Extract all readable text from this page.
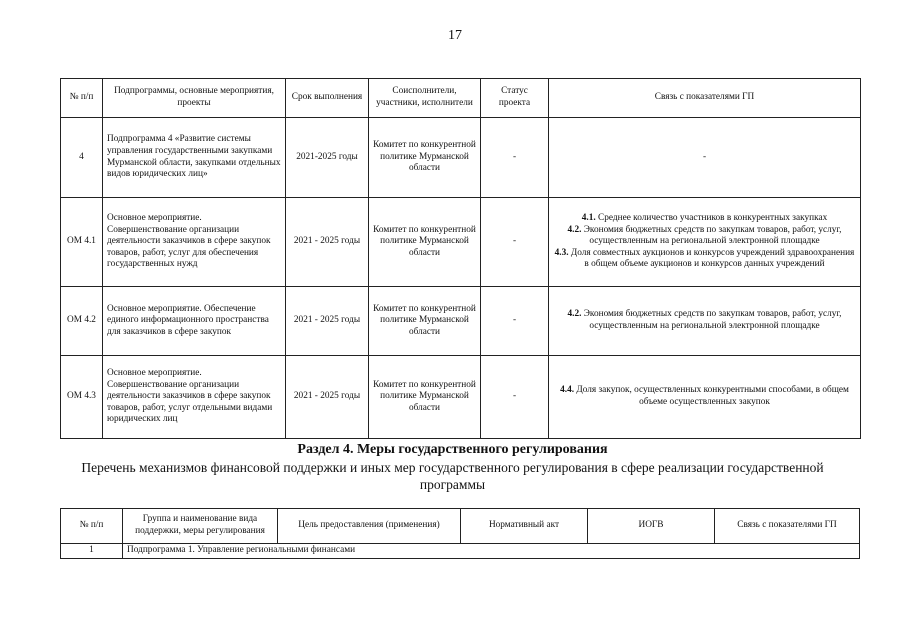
17
№ п/п	Подпрограммы, основные мероприятия, проекты	Срок выполнения	Соисполнители, участники, исполнители	Статус проекта	Связь с показателями ГП
4	Подпрограмма 4 «Развитие системы управления государственными закупками Мурманской области, закупками отдельных видов юридических лиц»	2021-2025 годы	Комитет по конкурентной политике Мурманской области	-	-

ОМ 4.1	Основное мероприятие. Совершенствование организации деятельности заказчиков в сфере закупок товаров, работ, услуг для обеспечения государственных нужд	2021 - 2025 годы	Комитет по конкурентной политике Мурманской области	-	4.1. Среднее количество участников в конкурентных закупках
4.2. Экономия бюджетных средств по закупкам товаров, работ, услуг, осуществленным на региональной электронной площадке
4.3. Доля совместных аукционов и конкурсов учреждений здравоохранения в общем объеме аукционов и конкурсов данных учреждений

ОМ 4.2	Основное мероприятие. Обеспечение единого информационного пространства для заказчиков в сфере закупок	2021 - 2025 годы	Комитет по конкурентной политике Мурманской области	-	4.2. Экономия бюджетных средств по закупкам товаров, работ, услуг, осуществленным на региональной электронной площадке

ОМ 4.3	Основное мероприятие. Совершенствование организации деятельности заказчиков в сфере закупок товаров, работ, услуг отдельными видами юридических лиц	2021 - 2025 годы	Комитет по конкурентной политике Мурманской области	-	4.4. Доля закупок, осуществленных конкурентными способами, в общем объеме осуществленных закупок
Раздел 4. Меры государственного регулирования
Перечень механизмов финансовой поддержки и иных мер государственного регулирования в сфере реализации государственной программы
№ п/п	Группа и наименование вида поддержки, меры регулирования	Цель предоставления (применения)	Нормативный акт	ИОГВ	Связь с показателями ГП
1	Подпрограмма 1. Управление региональными финансами				
